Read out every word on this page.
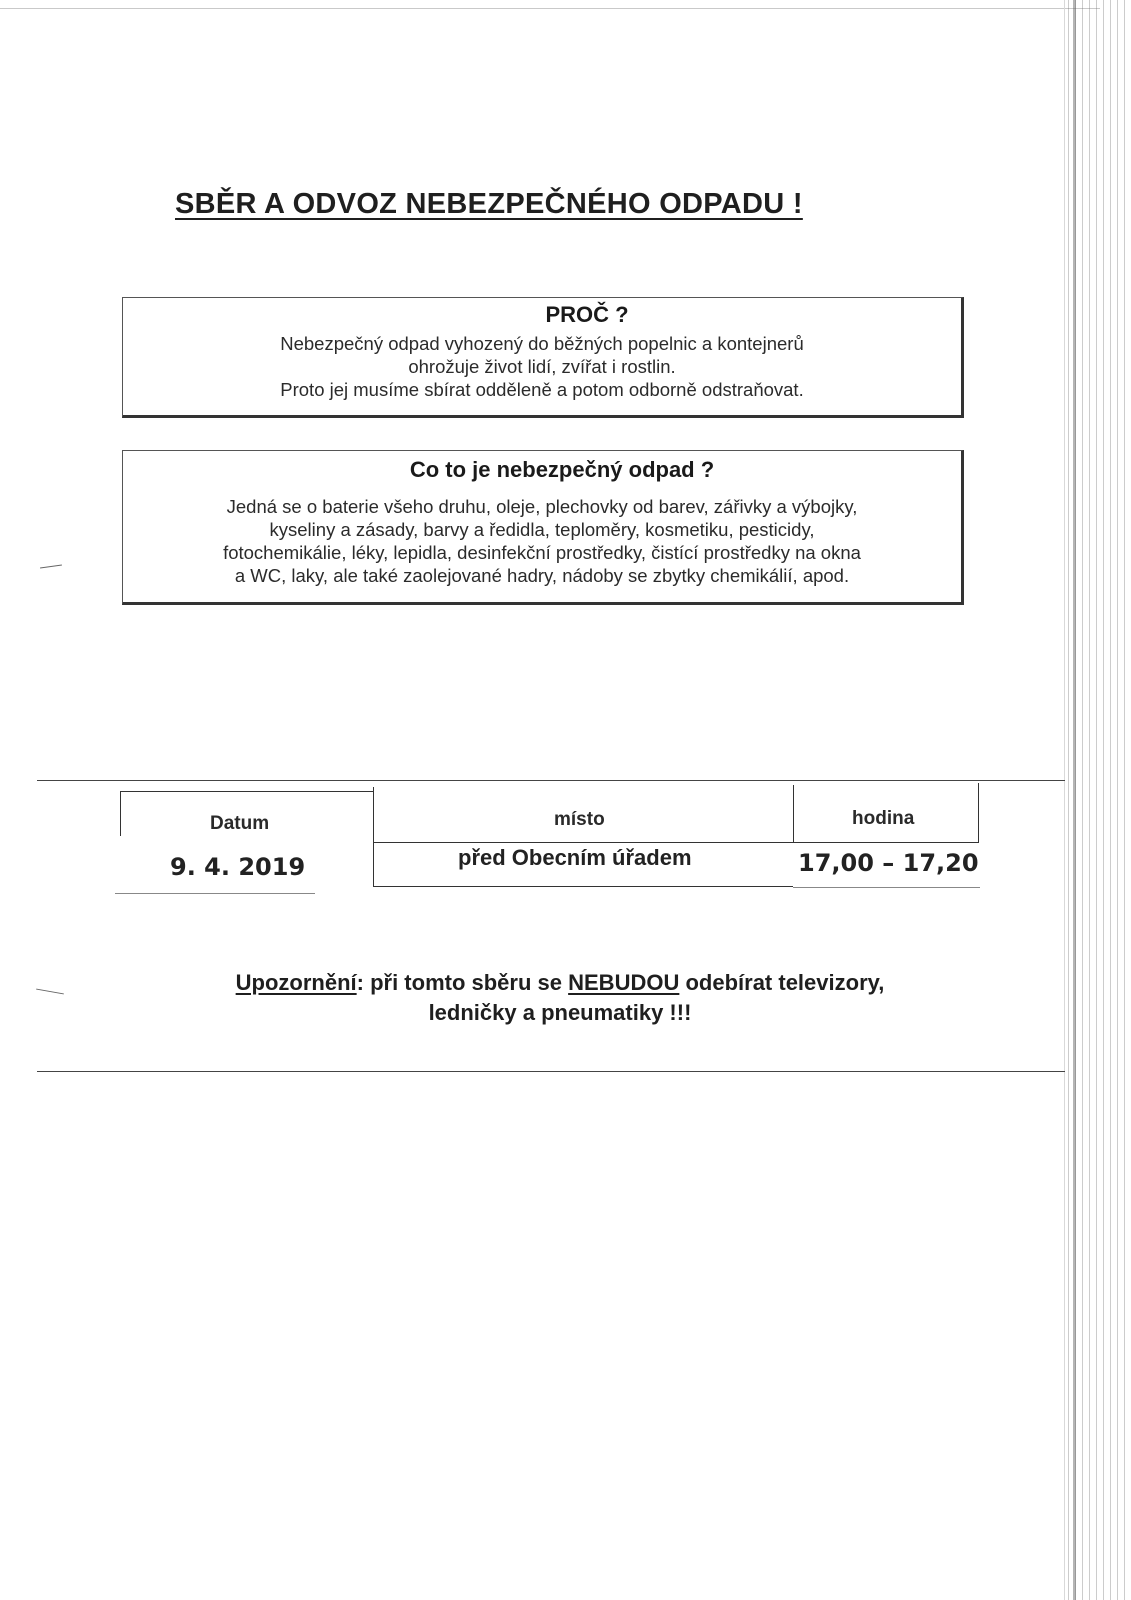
SBĚR A ODVOZ NEBEZPEČNÉHO ODPADU !

PROČ ?

Nebezpečný odpad vyhozený do běžných popelnic a kontejnerů

ohrožuje život lidí, zvířat i rostlin.

Proto jej musíme sbírat odděleně a potom odborně odstraňovat.

Co to je nebezpečný odpad ?

Jedná se o baterie všeho druhu, oleje, plechovky od barev, zářivky a výbojky,

kyseliny a zásady, barvy a ředidla, teploměry, kosmetiku, pesticidy,

fotochemikálie, léky, lepidla, desinfekční prostředky, čistící prostředky na okna

a WC, laky, ale také zaolejované hadry, nádoby se zbytky chemikálií, apod.

Datum	místo	hodina
9. 4. 2019	před Obecním úřadem	17,00 – 17,20
Upozornění: při tomto sběru se NEBUDOU odebírat televizory,
ledničky a pneumatiky !!!
